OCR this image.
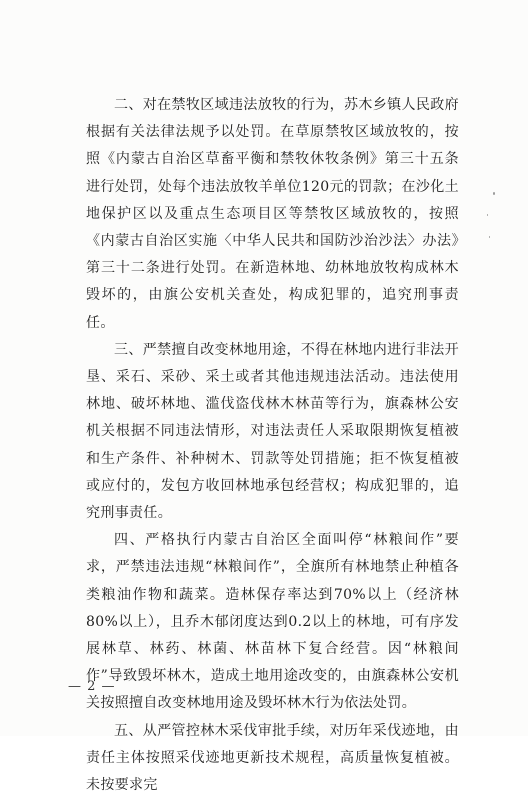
二、对在禁牧区域违法放牧的行为，苏木乡镇人民政府根据有关法律法规予以处罚。在草原禁牧区域放牧的，按照《内蒙古自治区草畜平衡和禁牧休牧条例》第三十五条进行处罚，处每个违法放牧羊单位120元的罚款；在沙化土地保护区以及重点生态项目区等禁牧区域放牧的，按照《内蒙古自治区实施〈中华人民共和国防沙治沙法〉办法》第三十二条进行处罚。在新造林地、幼林地放牧构成林木毁坏的，由旗公安机关查处，构成犯罪的，追究刑事责任。

三、严禁擅自改变林地用途，不得在林地内进行非法开垦、采石、采砂、采土或者其他违规违法活动。违法使用林地、破坏林地、滥伐盗伐林木林苗等行为，旗森林公安机关根据不同违法情形，对违法责任人采取限期恢复植被和生产条件、补种树木、罚款等处罚措施；拒不恢复植被或应付的，发包方收回林地承包经营权；构成犯罪的，追究刑事责任。

四、严格执行内蒙古自治区全面叫停“林粮间作”要求，严禁违法违规“林粮间作”，全旗所有林地禁止种植各类粮油作物和蔬菜。造林保存率达到70%以上（经济林80%以上），且乔木郁闭度达到0.2以上的林地，可有序发展林草、林药、林菌、林苗林下复合经营。因“林粮间作”导致毁坏林木，造成土地用途改变的，由旗森林公安机关按照擅自改变林地用途及毁坏林木行为依法处罚。

五、从严管控林木采伐审批手续，对历年采伐迹地，由责任主体按照采伐迹地更新技术规程，高质量恢复植被。未按要求完

— 2 —
